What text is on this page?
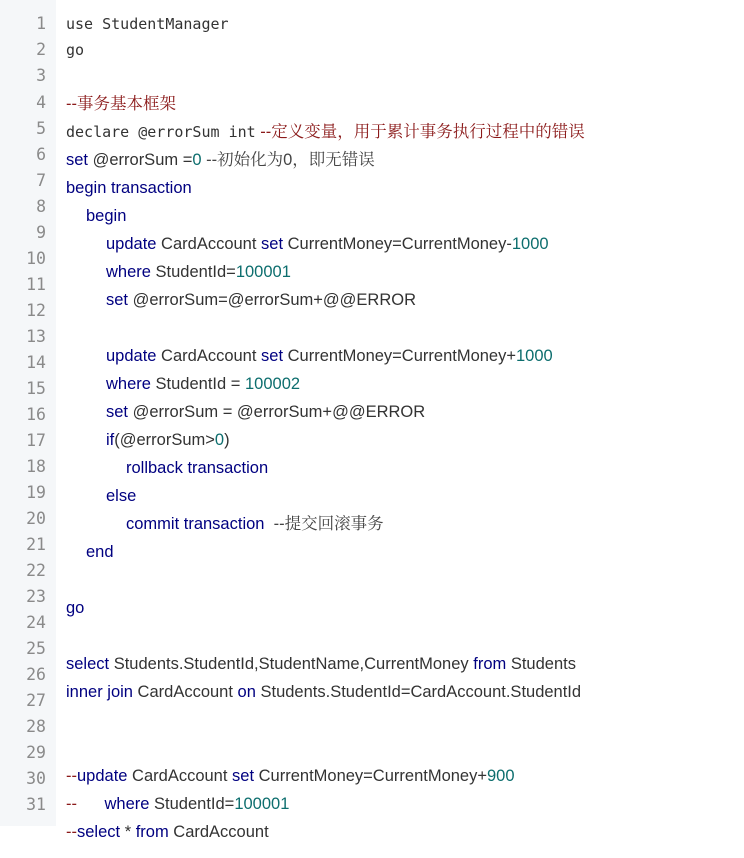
1
2
3
4
5
6
7
8
9
10
11
12
13
14
15
16
17
18
19
20
21
22
23
24
25
26
27
28
29
30
31
use StudentManager
go
--事务基本框架
declare @errorSum int --定义变量，用于累计事务执行过程中的错误
set @errorSum =0 --初始化为0，即无错误
begin transaction
begin
update CardAccount set CurrentMoney=CurrentMoney-1000
where StudentId=100001
set @errorSum=@errorSum+@@ERROR
update CardAccount set CurrentMoney=CurrentMoney+1000
where StudentId = 100002
set @errorSum = @errorSum+@@ERROR
if(@errorSum>0)
rollback transaction
else
commit transaction  --提交回滚事务
end
go
select Students.StudentId,StudentName,CurrentMoney from Students
inner join CardAccount on Students.StudentId=CardAccount.StudentId
--update CardAccount set CurrentMoney=CurrentMoney+900
--      where StudentId=100001
--select * from CardAccount
